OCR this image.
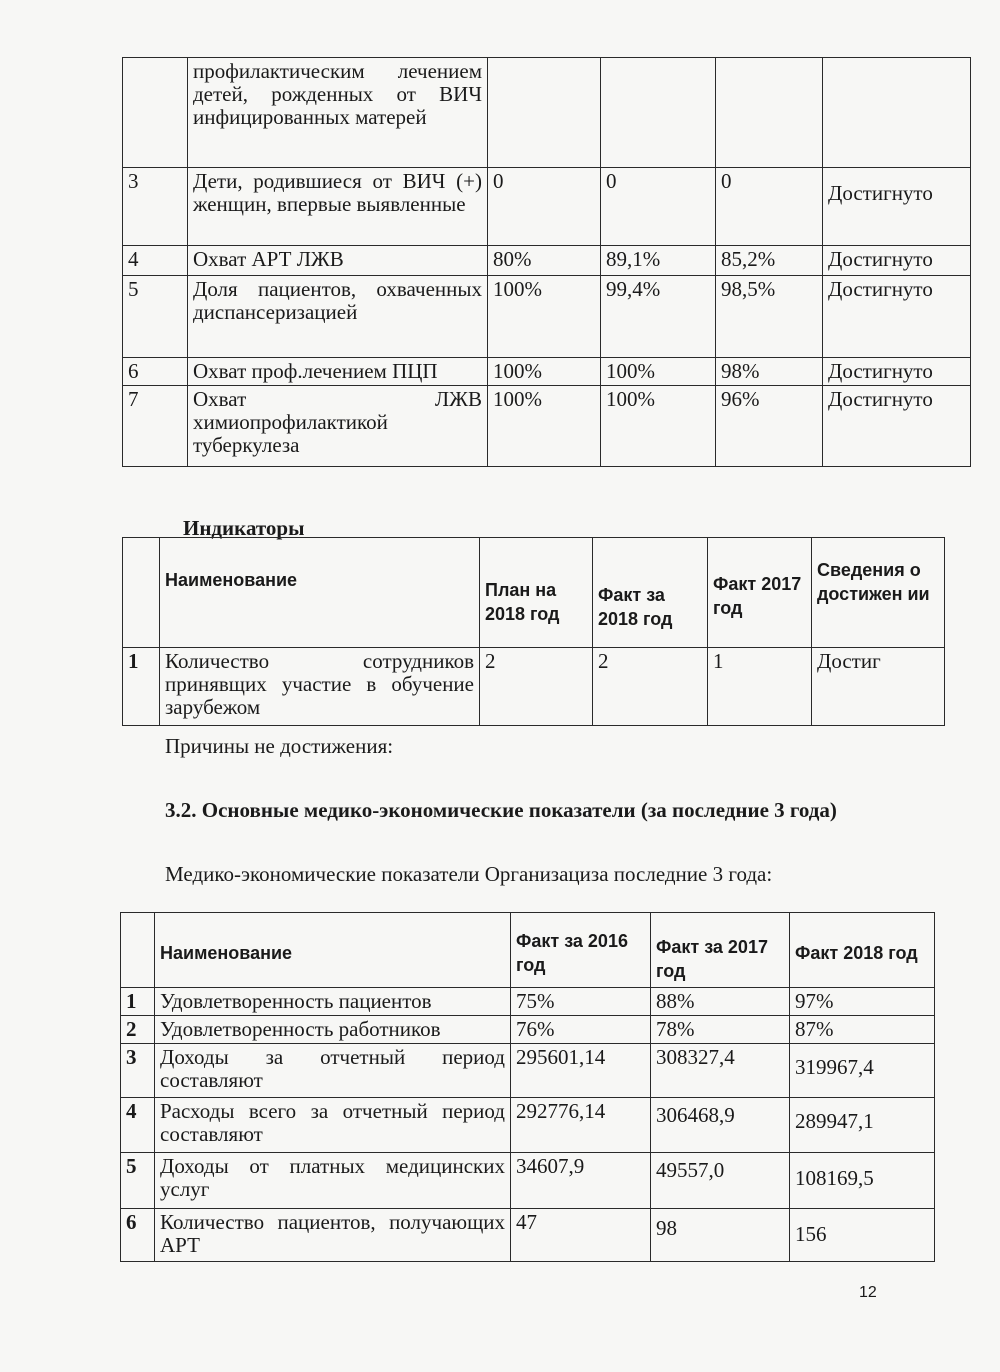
	профилактическим лечением детей, рожденных от ВИЧ инфицированных матерей				
3	Дети, родившиеся от ВИЧ (+) женщин, впервые выявленные	0	0	0	Достигнуто
4	Охват АРТ ЛЖВ	80%	89,1%	85,2%	Достигнуто
5	Доля пациентов, охваченных диспансеризацией	100%	99,4%	98,5%	Достигнуто
6	Охват проф.лечением ПЦП	100%	100%	98%	Достигнуто
7	Охват ЛЖВ химиопрофилактикой туберкулеза	100%	100%	96%	Достигнуто
Индикаторы
	Наименование	План на 2018 год	Факт за 2018 год	Факт 2017 год	Сведения о достижен ии
1	Количество сотрудников принявщих участие в обучение зарубежом	2	2	1	Достиг
Причины не достижения:
3.2. Основные медико-экономические показатели (за последние 3 года)
Медико-экономические показатели Организациза последние 3 года:
	Наименование	Факт за 2016 год	Факт за 2017 год	Факт 2018 год
1	Удовлетворенность пациентов	75%	88%	97%
2	Удовлетворенность работников	76%	78%	87%
3	Доходы за отчетный период составляют	295601,14	308327,4	319967,4
4	Расходы всего за отчетный период составляют	292776,14	306468,9	289947,1
5	Доходы от платных медицинских услуг	34607,9	49557,0	108169,5
6	Количество пациентов, получающих АРТ	47	98	156
12
